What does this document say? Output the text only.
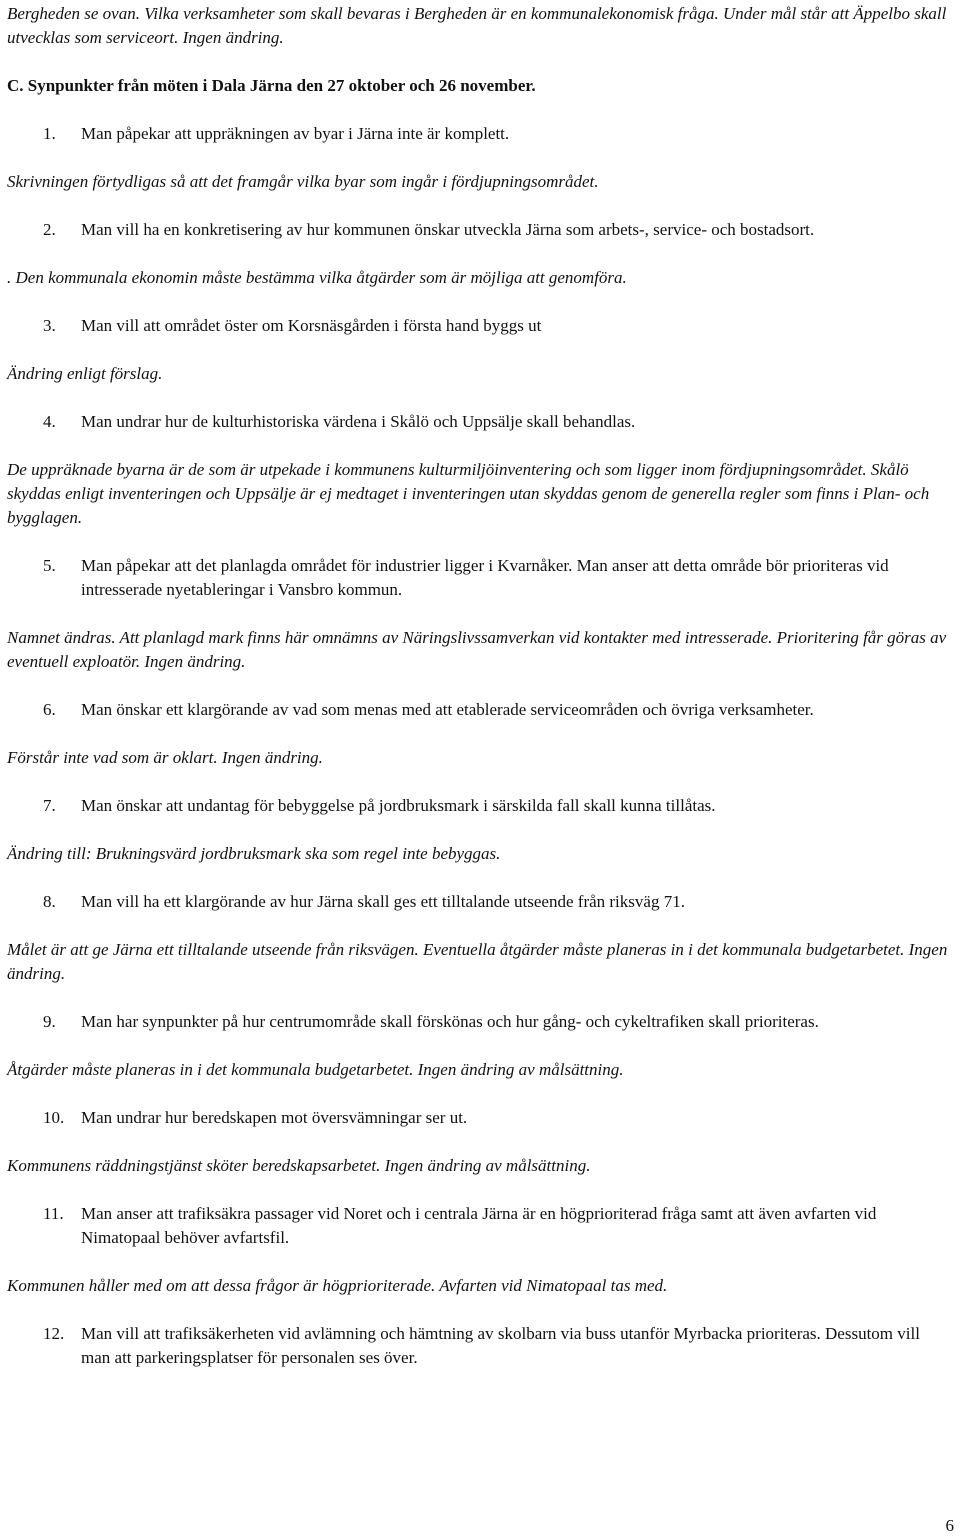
Bergheden se ovan. Vilka verksamheter som skall bevaras i Bergheden är en kommunalekonomisk fråga. Under mål står att Äppelbo skall utvecklas som serviceort. Ingen ändring.

C. Synpunkter från möten i Dala Järna den 27 oktober och 26 november.

1. Man påpekar att uppräkningen av byar i Järna inte är komplett.

Skrivningen förtydligas så att det framgår vilka byar som ingår i fördjupningsområdet.

2. Man vill ha en konkretisering av hur kommunen önskar utveckla Järna som arbets-, service- och bostadsort.

. Den kommunala ekonomin måste bestämma vilka åtgärder som är möjliga att genomföra.

3. Man vill att området öster om Korsnäsgården i första hand byggs ut

Ändring enligt förslag.

4. Man undrar hur de kulturhistoriska värdena i Skålö och Uppsälje skall behandlas.

De uppräknade byarna är de som är utpekade i kommunens kulturmiljöinventering och som ligger inom fördjupningsområdet. Skålö skyddas enligt inventeringen och Uppsälje är ej medtaget i inventeringen utan skyddas genom de generella regler som finns i Plan- och bygglagen.

5. Man påpekar att det planlagda området för industrier ligger i Kvarnåker. Man anser att detta område bör prioriteras vid intresserade nyetableringar i Vansbro kommun.

Namnet ändras. Att planlagd mark finns här omnämns av Näringslivssamverkan vid kontakter med intresserade. Prioritering får göras av eventuell exploatör. Ingen ändring.

6. Man önskar ett klargörande av vad som menas med att etablerade serviceområden och övriga verksamheter.

Förstår inte vad som är oklart. Ingen ändring.

7. Man önskar att undantag för bebyggelse på jordbruksmark i särskilda fall skall kunna tillåtas.

Ändring till: Brukningsvärd jordbruksmark ska som regel inte bebyggas.

8. Man vill ha ett klargörande av hur Järna skall ges ett tilltalande utseende från riksväg 71.

Målet är att ge Järna ett tilltalande utseende från riksvägen. Eventuella åtgärder måste planeras in i det kommunala budgetarbetet. Ingen ändring.

9. Man har synpunkter på hur centrumområde skall förskönas och hur gång- och cykeltrafiken skall prioriteras.

Åtgärder måste planeras in i det kommunala budgetarbetet. Ingen ändring av målsättning.

10. Man undrar hur beredskapen mot översvämningar ser ut.

Kommunens räddningstjänst sköter beredskapsarbetet. Ingen ändring av målsättning.

11. Man anser att trafiksäkra passager vid Noret och i centrala Järna är en högprioriterad fråga samt att även avfarten vid Nimatopaal behöver avfartsfil.

Kommunen håller med om att dessa frågor är högprioriterade. Avfarten vid Nimatopaal tas med.

12. Man vill att trafiksäkerheten vid avlämning och hämtning av skolbarn via buss utanför Myrbacka prioriteras. Dessutom vill man att parkeringsplatser för personalen ses över.
6
